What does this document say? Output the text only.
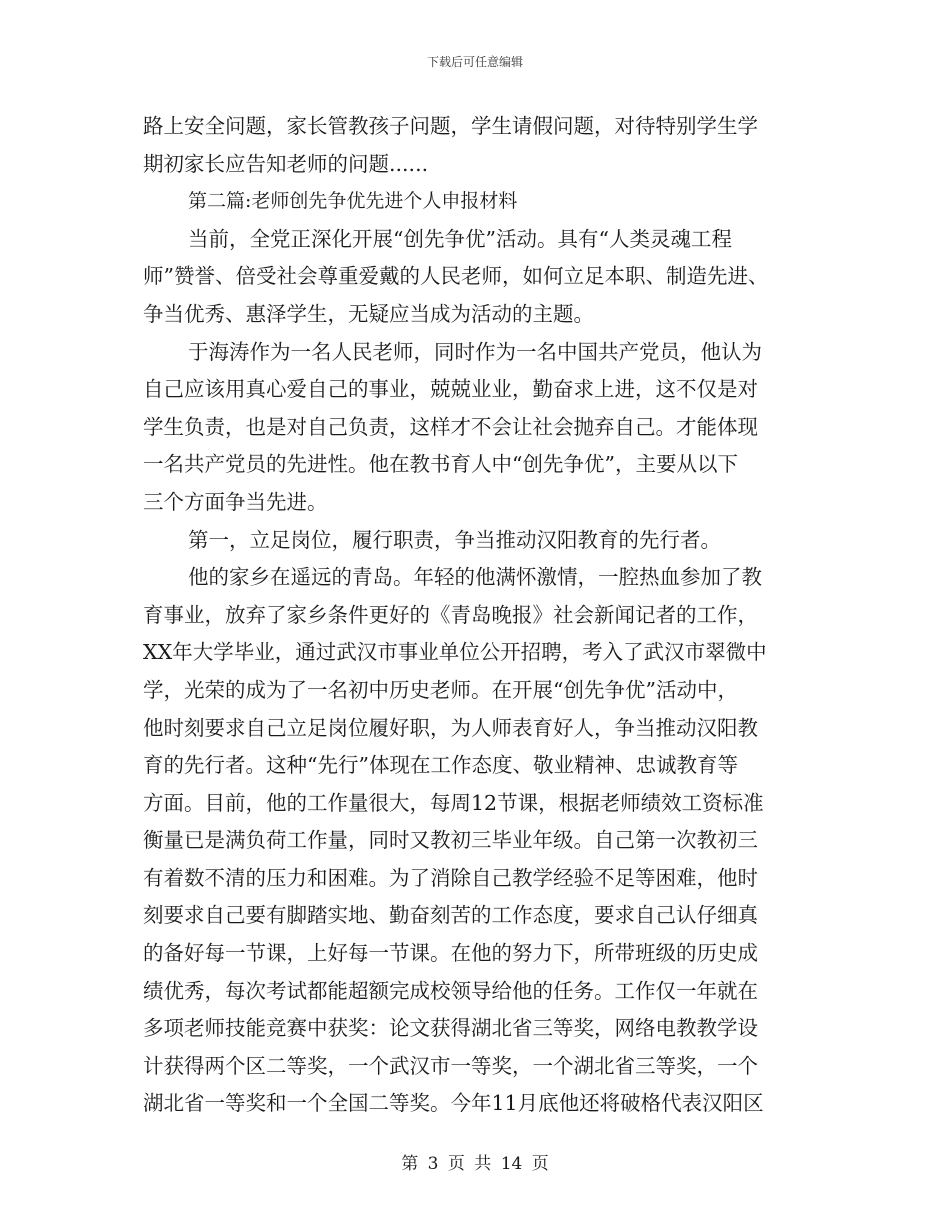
下载后可任意编辑
路上安全问题，家长管教孩子问题，学生请假问题，对待特别学生学
期初家长应告知老师的问题......
第二篇:老师创先争优先进个人申报材料
当前，全党正深化开展“创先争优”活动。具有“人类灵魂工程
师”赞誉、倍受社会尊重爱戴的人民老师，如何立足本职、制造先进、
争当优秀、惠泽学生，无疑应当成为活动的主题。
于海涛作为一名人民老师，同时作为一名中国共产党员，他认为
自己应该用真心爱自己的事业，兢兢业业，勤奋求上进，这不仅是对
学生负责，也是对自己负责，这样才不会让社会抛弃自己。才能体现
一名共产党员的先进性。他在教书育人中“创先争优”，主要从以下
三个方面争当先进。
第一，立足岗位，履行职责，争当推动汉阳教育的先行者。
他的家乡在遥远的青岛。年轻的他满怀激情，一腔热血参加了教
育事业，放弃了家乡条件更好的《青岛晚报》社会新闻记者的工作，
XX年大学毕业，通过武汉市事业单位公开招聘，考入了武汉市翠微中
学，光荣的成为了一名初中历史老师。在开展“创先争优”活动中，
他时刻要求自己立足岗位履好职，为人师表育好人，争当推动汉阳教
育的先行者。这种“先行”体现在工作态度、敬业精神、忠诚教育等
方面。目前，他的工作量很大，每周12节课，根据老师绩效工资标准
衡量已是满负荷工作量，同时又教初三毕业年级。自己第一次教初三
有着数不清的压力和困难。为了消除自己教学经验不足等困难，他时
刻要求自己要有脚踏实地、勤奋刻苦的工作态度，要求自己认仔细真
的备好每一节课，上好每一节课。在他的努力下，所带班级的历史成
绩优秀，每次考试都能超额完成校领导给他的任务。工作仅一年就在
多项老师技能竞赛中获奖：论文获得湖北省三等奖，网络电教教学设
计获得两个区二等奖，一个武汉市一等奖，一个湖北省三等奖，一个
湖北省一等奖和一个全国二等奖。今年11月底他还将破格代表汉阳区
第 3 页 共 14 页
